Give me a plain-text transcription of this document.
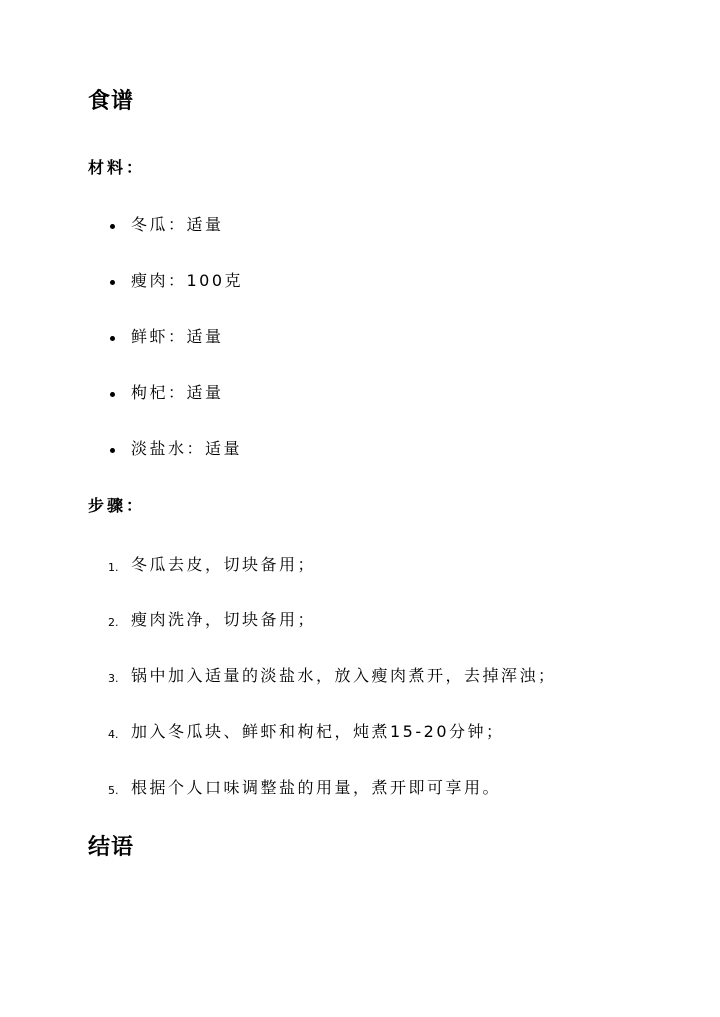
食谱
材料：
冬瓜：适量
瘦肉：100克
鲜虾：适量
枸杞：适量
淡盐水：适量
步骤：
1. 冬瓜去皮，切块备用；
2. 瘦肉洗净，切块备用；
3. 锅中加入适量的淡盐水，放入瘦肉煮开，去掉浑浊；
4. 加入冬瓜块、鲜虾和枸杞，炖煮15-20分钟；
5. 根据个人口味调整盐的用量，煮开即可享用。
结语
